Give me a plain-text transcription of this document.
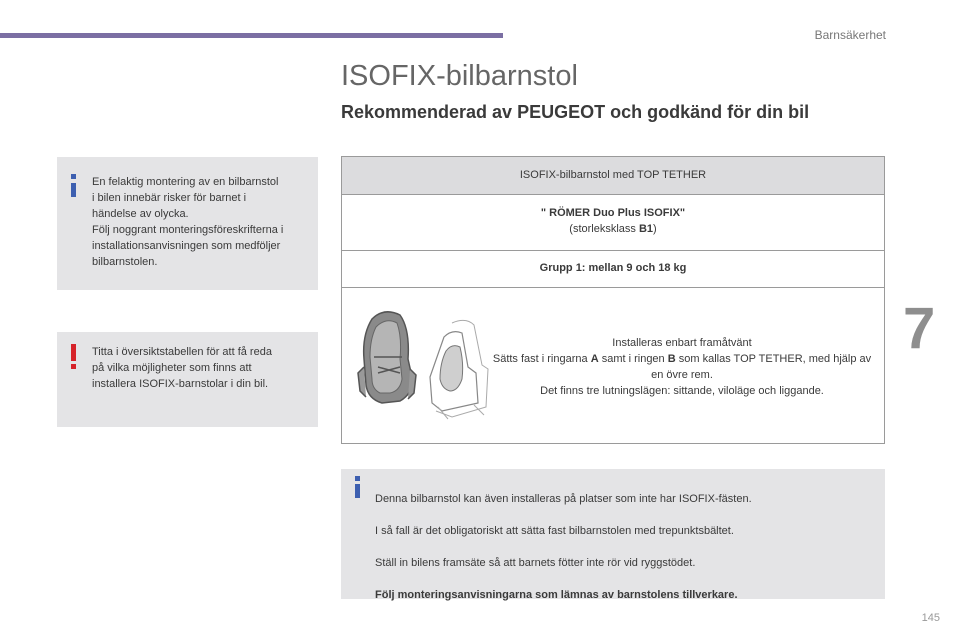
Barnsäkerhet
7
145
ISOFIX-bilbarnstol
Rekommenderad av PEUGEOT och godkänd för din bil
En felaktig montering av en bilbarnstol
i bilen innebär risker för barnet i
händelse av olycka.
Följ noggrant monteringsföreskrifterna i
installationsanvisningen som medföljer
bilbarnstolen.
Titta i översiktstabellen för att få reda
på vilka möjligheter som finns att
installera ISOFIX-barnstolar i din bil.
ISOFIX-bilbarnstol med TOP TETHER
" RÖMER Duo Plus ISOFIX"
(storleksklass B1)
Grupp 1: mellan 9 och 18 kg
Installeras enbart framåtvänt
Sätts fast i ringarna A samt i ringen B som kallas TOP TETHER, med hjälp av en övre rem.
Det finns tre lutningslägen: sittande, viloläge och liggande.

Denna bilbarnstol kan även installeras på platser som inte har ISOFIX-fästen.

I så fall är det obligatoriskt att sätta fast bilbarnstolen med trepunktsbältet.

Ställ in bilens framsäte så att barnets fötter inte rör vid ryggstödet.

Följ monteringsanvisningarna som lämnas av barnstolens tillverkare.
